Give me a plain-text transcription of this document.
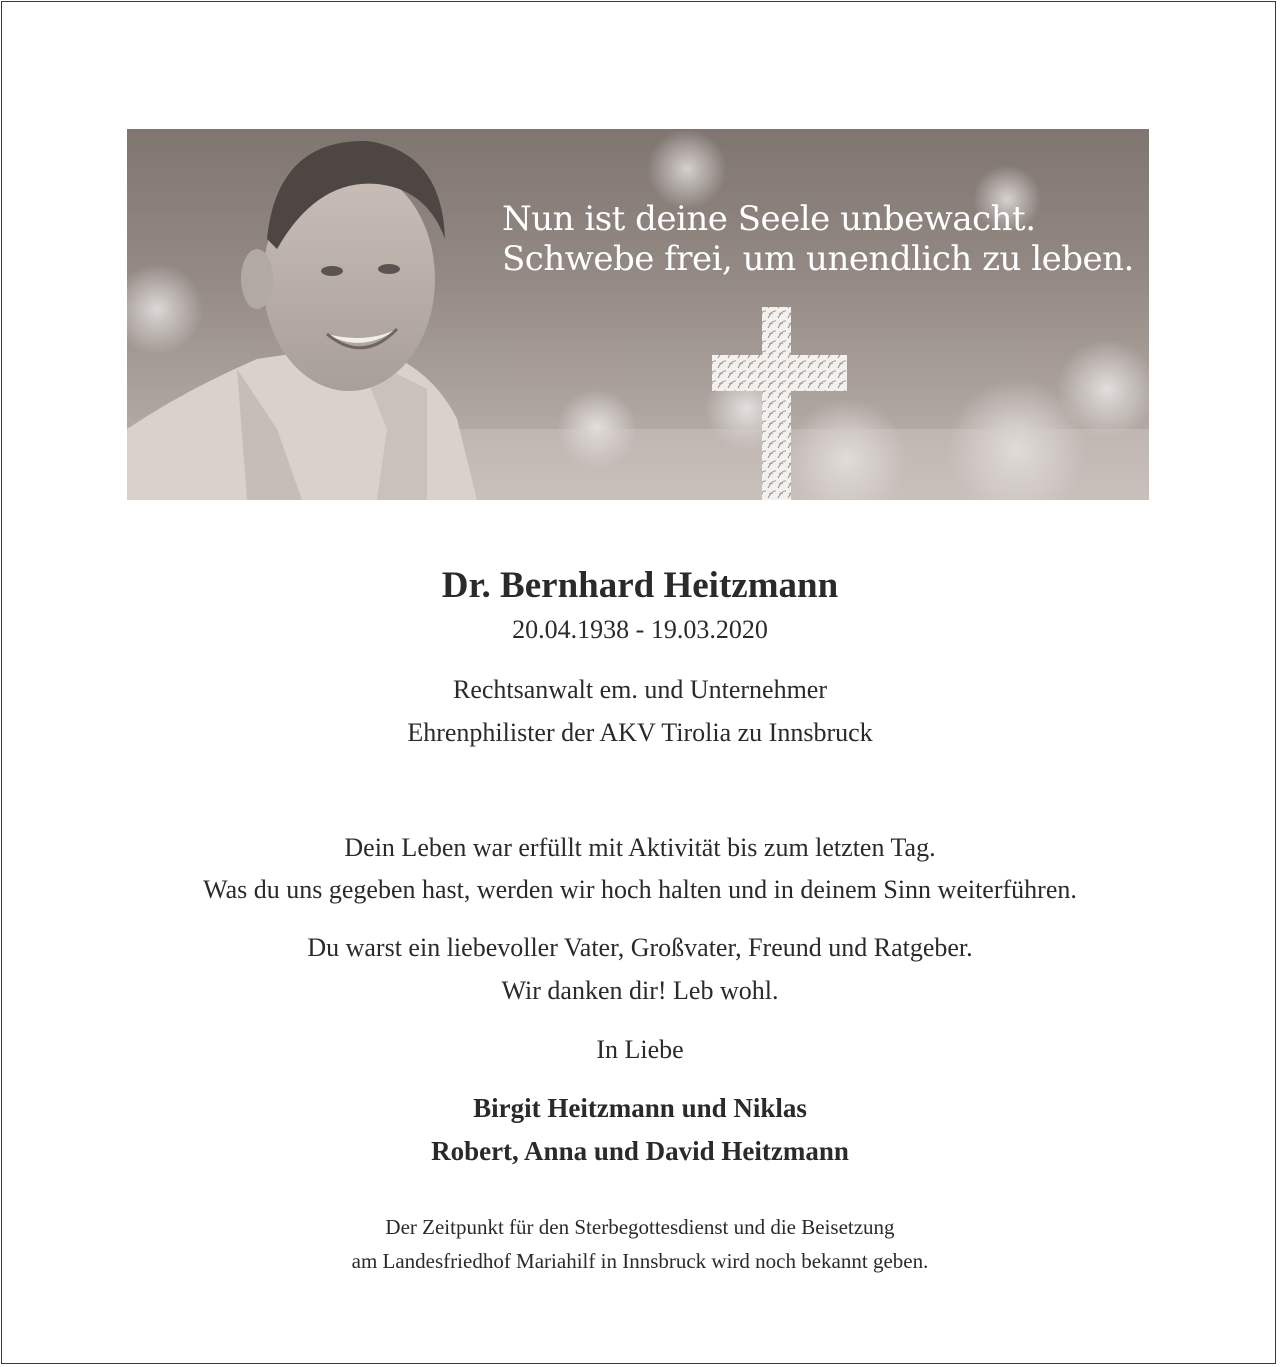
Nun ist deine Seele unbewacht.
Schwebe frei, um unendlich zu leben.
Dr. Bernhard Heitzmann
20.04.1938 - 19.03.2020
Rechtsanwalt em. und Unternehmer
Ehrenphilister der AKV Tirolia zu Innsbruck
Dein Leben war erfüllt mit Aktivität bis zum letzten Tag.
Was du uns gegeben hast, werden wir hoch halten und in deinem Sinn weiterführen.
Du warst ein liebevoller Vater, Großvater, Freund und Ratgeber.
Wir danken dir! Leb wohl.
In Liebe
Birgit Heitzmann und Niklas
Robert, Anna und David Heitzmann
Der Zeitpunkt für den Sterbegottesdienst und die Beisetzung
am Landesfriedhof Mariahilf in Innsbruck wird noch bekannt geben.
